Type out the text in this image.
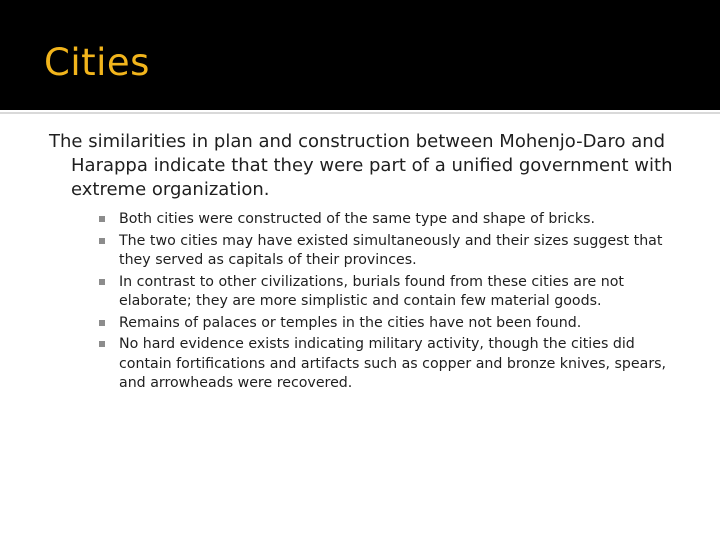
Cities

The similarities in plan and construction between Mohenjo-Daro and Harappa indicate that they were part of a unified government with extreme organization.

Both cities were constructed of the same type and shape of bricks.
The two cities may have existed simultaneously and their sizes suggest that they served as capitals of their provinces.
In contrast to other civilizations, burials found from these cities are not elaborate; they are more simplistic and contain few material goods.
Remains of palaces or temples in the cities have not been found.
No hard evidence exists indicating military activity, though the cities did contain fortifications and artifacts such as copper and bronze knives, spears, and arrowheads were recovered.
